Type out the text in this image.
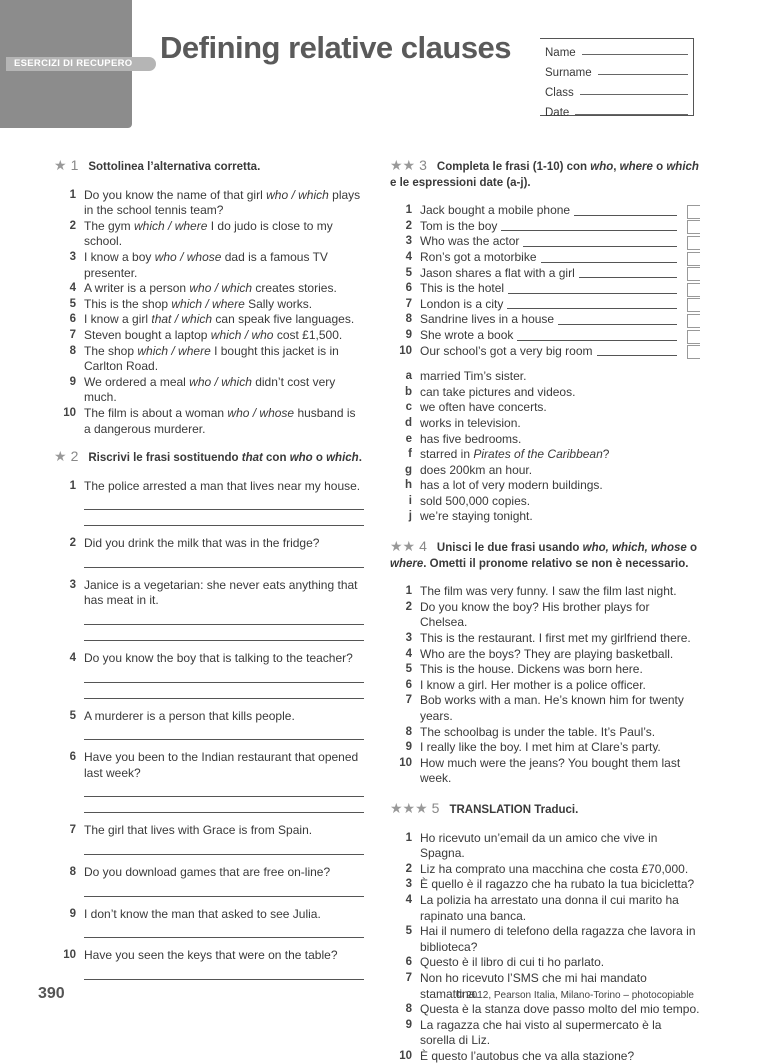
ESERCIZI DI RECUPERO Defining relative clauses	Name
Surname
Class
Date
★ 1 Sottolinea l’alternativa corretta.
1 Do you know the name of that girl who / which plays in the school tennis team?
2 The gym which / where I do judo is close to my school.
3 I know a boy who / whose dad is a famous TV presenter.
4 A writer is a person who / which creates stories.
5 This is the shop which / where Sally works.
6 I know a girl that / which can speak five languages.
7 Steven bought a laptop which / who cost £1,500.
8 The shop which / where I bought this jacket is in Carlton Road.
9 We ordered a meal who / which didn’t cost very much.
10 The film is about a woman who / whose husband is a dangerous murderer.
★ 2 Riscrivi le frasi sostituendo that con who o which.
1 The police arrested a man that lives near my house.
2 Did you drink the milk that was in the fridge?
3 Janice is a vegetarian: she never eats anything that has meat in it.
4 Do you know the boy that is talking to the teacher?
5 A murderer is a person that kills people.
6 Have you been to the Indian restaurant that opened last week?
7 The girl that lives with Grace is from Spain.
8 Do you download games that are free on-line?
9 I don’t know the man that asked to see Julia.
10 Have you seen the keys that were on the table?
★★ 3 Completa le frasi (1-10) con who, where o which e le espressioni date (a-j).
1 Jack bought a mobile phone
2 Tom is the boy
3 Who was the actor
4 Ron’s got a motorbike
5 Jason shares a flat with a girl
6 This is the hotel
7 London is a city
8 Sandrine lives in a house
9 She wrote a book
10 Our school’s got a very big room
a married Tim’s sister.
b can take pictures and videos.
c we often have concerts.
d works in television.
e has five bedrooms.
f starred in Pirates of the Caribbean?
g does 200km an hour.
h has a lot of very modern buildings.
i sold 500,000 copies.
j we’re staying tonight.
★★ 4 Unisci le due frasi usando who, which, whose o where. Ometti il pronome relativo se non è necessario.
1 The film was very funny. I saw the film last night.
2 Do you know the boy? His brother plays for Chelsea.
3 This is the restaurant. I first met my girlfriend there.
4 Who are the boys? They are playing basketball.
5 This is the house. Dickens was born here.
6 I know a girl. Her mother is a police officer.
7 Bob works with a man. He’s known him for twenty years.
8 The schoolbag is under the table. It’s Paul’s.
9 I really like the boy. I met him at Clare’s party.
10 How much were the jeans? You bought them last week.
★★★ 5 TRANSLATION Traduci.
1 Ho ricevuto un’email da un amico che vive in Spagna.
2 Liz ha comprato una macchina che costa £70,000.
3 È quello è il ragazzo che ha rubato la tua bicicletta?
4 La polizia ha arrestato una donna il cui marito ha rapinato una banca.
5 Hai il numero di telefono della ragazza che lavora in biblioteca?
6 Questo è il libro di cui ti ho parlato.
7 Non ho ricevuto l’SMS che mi hai mandato stamattina.
8 Questa è la stanza dove passo molto del mio tempo.
9 La ragazza che hai visto al supermercato è la sorella di Liz.
10 È questo l’autobus che va alla stazione?
390	© 2012, Pearson Italia, Milano-Torino – photocopiable
